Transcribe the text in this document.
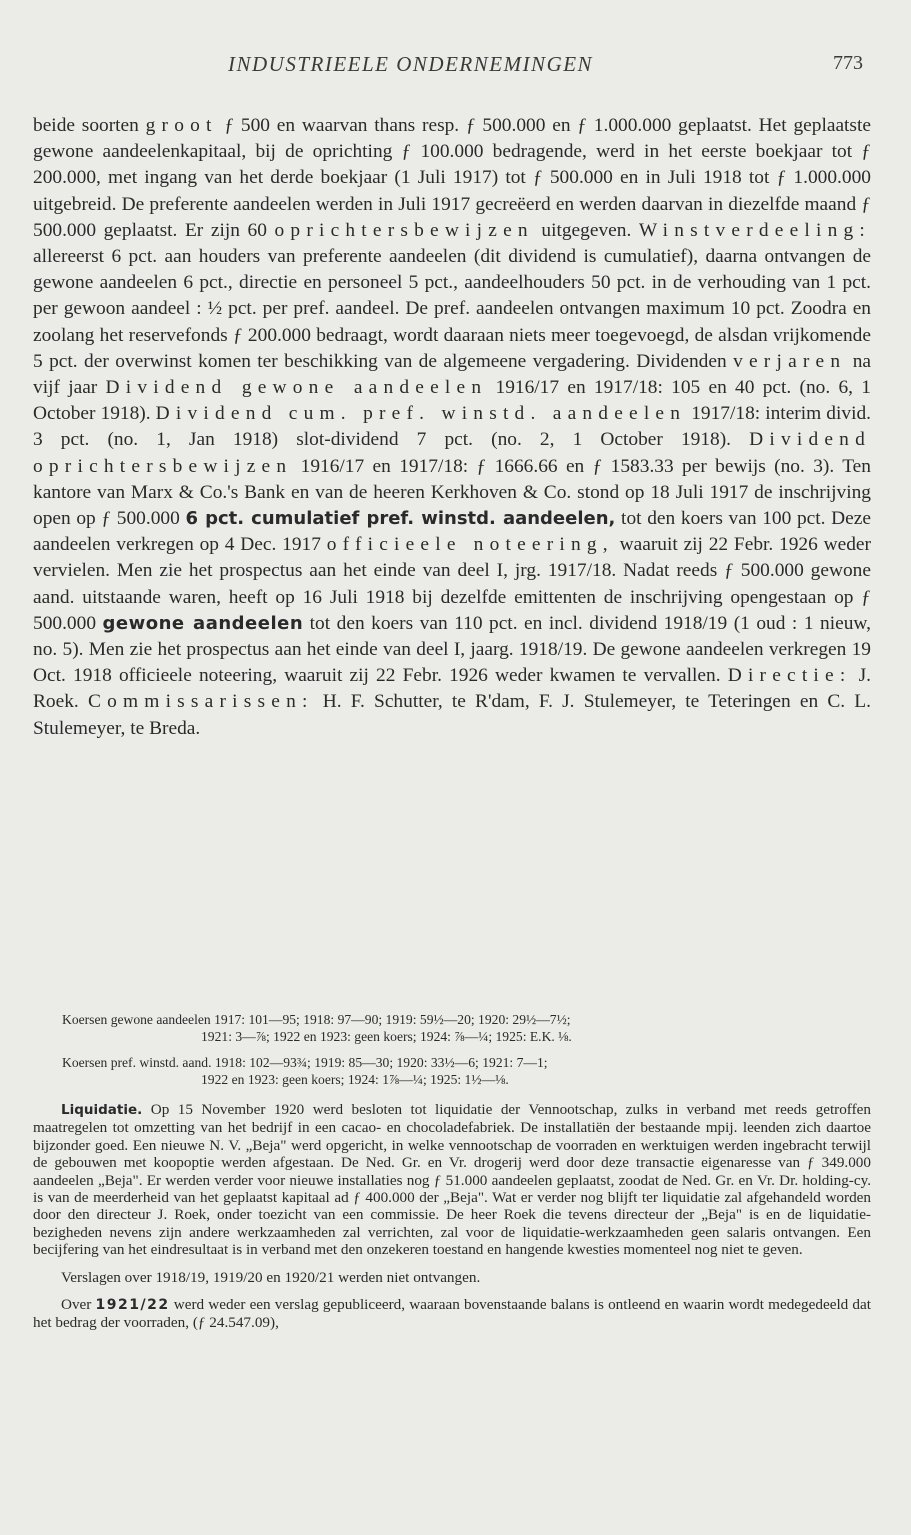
INDUSTRIEELE ONDERNEMINGEN	773

beide soorten groot ƒ 500 en waarvan thans resp. ƒ 500.000 en ƒ 1.000.000 geplaatst. Het geplaatste gewone aandeelenkapitaal, bij de oprichting ƒ 100.000 bedragende, werd in het eerste boekjaar tot ƒ 200.000, met ingang van het derde boekjaar (1 Juli 1917) tot ƒ 500.000 en in Juli 1918 tot ƒ 1.000.000 uitgebreid. De preferente aandeelen werden in Juli 1917 gecreëerd en werden daarvan in diezelfde maand ƒ 500.000 geplaatst. Er zijn 60 oprichtersbewijzen uitgegeven. Winstverdeeling: allereerst 6 pct. aan houders van preferente aandeelen (dit dividend is cumulatief), daarna ontvangen de gewone aandeelen 6 pct., directie en personeel 5 pct., aandeelhouders 50 pct. in de verhouding van 1 pct. per gewoon aandeel : ½ pct. per pref. aandeel. De pref. aandeelen ontvangen maximum 10 pct. Zoodra en zoolang het reservefonds ƒ 200.000 bedraagt, wordt daaraan niets meer toegevoegd, de alsdan vrijkomende 5 pct. der overwinst komen ter beschikking van de algemeene vergadering. Dividenden verjaren na vijf jaar Dividend gewone aandeelen 1916/17 en 1917/18: 105 en 40 pct. (no. 6, 1 October 1918). Dividend cum. pref. winstd. aandeelen 1917/18: interim divid. 3 pct. (no. 1, Jan 1918) slot-dividend 7 pct. (no. 2, 1 October 1918). Dividend oprichtersbewijzen 1916/17 en 1917/18: ƒ 1666.66 en ƒ 1583.33 per bewijs (no. 3). Ten kantore van Marx & Co.'s Bank en van de heeren Kerkhoven & Co. stond op 18 Juli 1917 de inschrijving open op ƒ 500.000 6 pct. cumulatief pref. winstd. aandeelen, tot den koers van 100 pct. Deze aandeelen verkregen op 4 Dec. 1917 officieele noteering, waaruit zij 22 Febr. 1926 weder vervielen. Men zie het prospectus aan het einde van deel I, jrg. 1917/18. Nadat reeds ƒ 500.000 gewone aand. uitstaande waren, heeft op 16 Juli 1918 bij dezelfde emittenten de inschrijving opengestaan op ƒ 500.000 gewone aandeelen tot den koers van 110 pct. en incl. dividend 1918/19 (1 oud : 1 nieuw, no. 5). Men zie het prospectus aan het einde van deel I, jaarg. 1918/19. De gewone aandeelen verkregen 19 Oct. 1918 officieele noteering, waaruit zij 22 Febr. 1926 weder kwamen te vervallen. Directie: J. Roek. Commissarissen: H. F. Schutter, te R'dam, F. J. Stulemeyer, te Teteringen en C. L. Stulemeyer, te Breda.

Koersen gewone aandeelen 1917: 101—95; 1918: 97—90; 1919: 59½—20; 1920: 29½—7½;
1921: 3—⅞; 1922 en 1923: geen koers; 1924: ⅞—¼; 1925: E.K. ⅛.

Koersen pref. winstd. aand. 1918: 102—93¾; 1919: 85—30; 1920: 33½—6; 1921: 7—1;
1922 en 1923: geen koers; 1924: 1⅞—¼; 1925: 1½—⅛.

Liquidatie. Op 15 November 1920 werd besloten tot liquidatie der Vennootschap, zulks in verband met reeds getroffen maatregelen tot omzetting van het bedrijf in een cacao- en chocoladefabriek. De installatiën der bestaande mpij. leenden zich daartoe bijzonder goed. Een nieuwe N. V. „Beja" werd opgericht, in welke vennootschap de voorraden en werktuigen werden ingebracht terwijl de gebouwen met koopoptie werden afgestaan. De Ned. Gr. en Vr. drogerij werd door deze transactie eigenaresse van ƒ 349.000 aandeelen „Beja". Er werden verder voor nieuwe installaties nog ƒ 51.000 aandeelen geplaatst, zoodat de Ned. Gr. en Vr. Dr. holding-cy. is van de meerderheid van het geplaatst kapitaal ad ƒ 400.000 der „Beja". Wat er verder nog blijft ter liquidatie zal afgehandeld worden door den directeur J. Roek, onder toezicht van een commissie. De heer Roek die tevens directeur der „Beja" is en de liquidatie-bezigheden nevens zijn andere werkzaamheden zal verrichten, zal voor de liquidatie-werkzaamheden geen salaris ontvangen. Een becijfering van het eindresultaat is in verband met den onzekeren toestand en hangende kwesties momenteel nog niet te geven.

Verslagen over 1918/19, 1919/20 en 1920/21 werden niet ontvangen.

Over 1921/22 werd weder een verslag gepubliceerd, waaraan bovenstaande balans is ontleend en waarin wordt medegedeeld dat het bedrag der voorraden, (ƒ 24.547.09),
